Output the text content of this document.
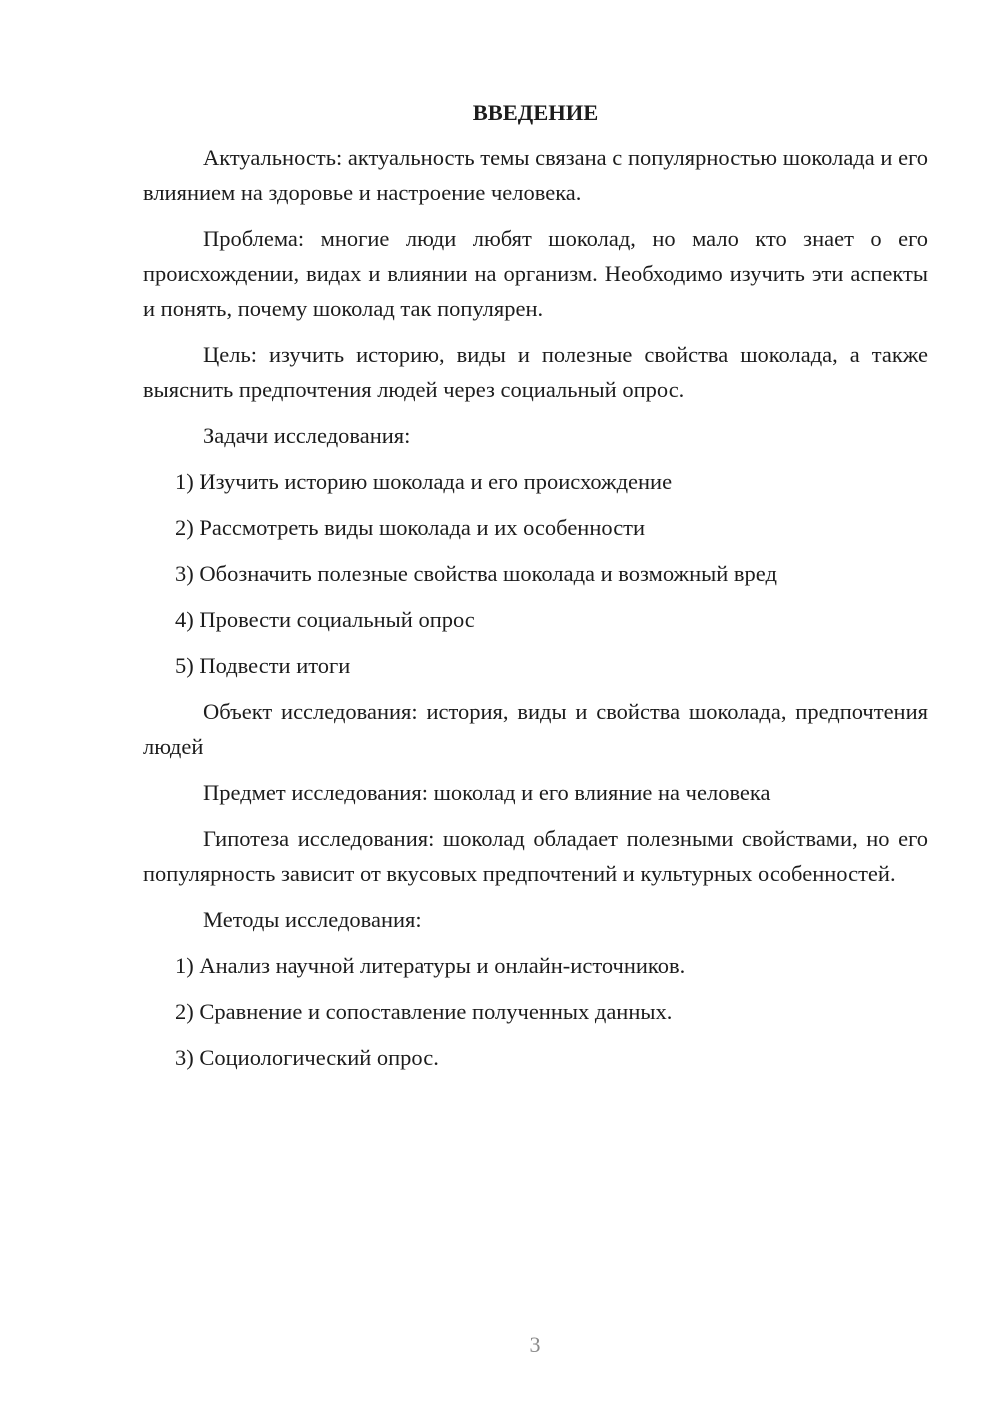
ВВЕДЕНИЕ

Актуальность: актуальность темы связана с популярностью шоколада и его влиянием на здоровье и настроение человека.

Проблема: многие люди любят шоколад, но мало кто знает о его происхождении, видах и влиянии на организм. Необходимо изучить эти аспекты и понять, почему шоколад так популярен.

Цель: изучить историю, виды и полезные свойства шоколада, а также выяснить предпочтения людей через социальный опрос.

Задачи исследования:

1) Изучить историю шоколада и его происхождение
2) Рассмотреть виды шоколада и их особенности
3) Обозначить полезные свойства шоколада и возможный вред
4) Провести социальный опрос
5) Подвести итоги

Объект исследования: история, виды и свойства шоколада, предпочтения людей

Предмет исследования: шоколад и его влияние на человека

Гипотеза исследования: шоколад обладает полезными свойствами, но его популярность зависит от вкусовых предпочтений и культурных особенностей.

Методы исследования:

1) Анализ научной литературы и онлайн-источников.
2) Сравнение и сопоставление полученных данных.
3) Социологический опрос.
3
